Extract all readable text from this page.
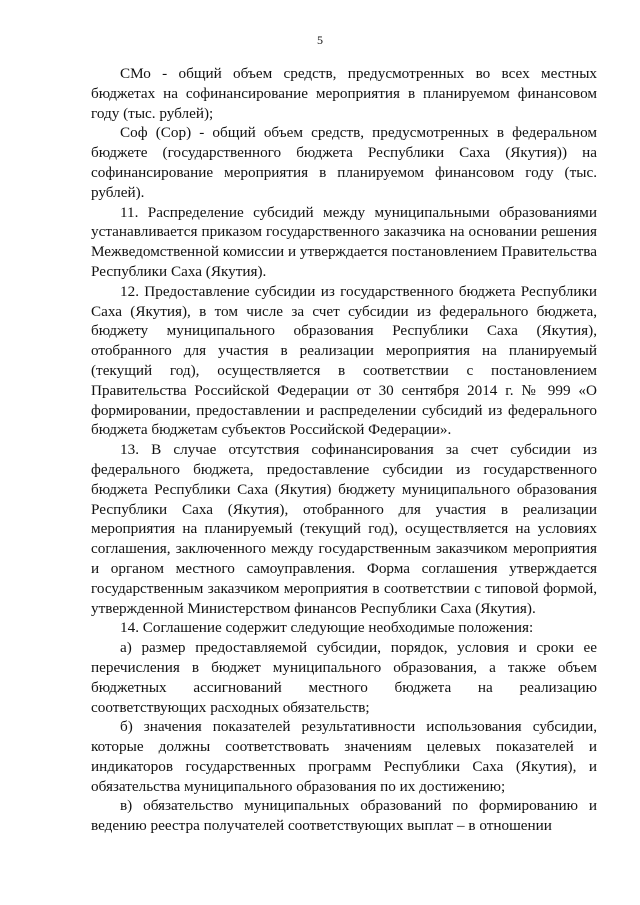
5

СМо - общий объем средств, предусмотренных во всех местных бюджетах на софинансирование мероприятия в планируемом финансовом году (тыс. рублей);

Соф (Сор) - общий объем средств, предусмотренных в федеральном бюджете (государственного бюджета Республики Саха (Якутия)) на софинансирование мероприятия в планируемом финансовом году (тыс. рублей).

11. Распределение субсидий между муниципальными образованиями устанавливается приказом государственного заказчика на основании решения Межведомственной комиссии и утверждается постановлением Правительства Республики Саха (Якутия).

12. Предоставление субсидии из государственного бюджета Республики Саха (Якутия), в том числе за счет субсидии из федерального бюджета, бюджету муниципального образования Республики Саха (Якутия), отобранного для участия в реализации мероприятия на планируемый (текущий год), осуществляется в соответствии с постановлением Правительства Российской Федерации от 30 сентября 2014 г. № 999 «О формировании, предоставлении и распределении субсидий из федерального бюджета бюджетам субъектов Российской Федерации».

13. В случае отсутствия софинансирования за счет субсидии из федерального бюджета, предоставление субсидии из государственного бюджета Республики Саха (Якутия) бюджету муниципального образования Республики Саха (Якутия), отобранного для участия в реализации мероприятия на планируемый (текущий год), осуществляется на условиях соглашения, заключенного между государственным заказчиком мероприятия и органом местного самоуправления. Форма соглашения утверждается государственным заказчиком мероприятия в соответствии с типовой формой, утвержденной Министерством финансов Республики Саха (Якутия).

14. Соглашение содержит следующие необходимые положения:

а) размер предоставляемой субсидии, порядок, условия и сроки ее перечисления в бюджет муниципального образования, а также объем бюджетных ассигнований местного бюджета на реализацию соответствующих расходных обязательств;

б) значения показателей результативности использования субсидии, которые должны соответствовать значениям целевых показателей и индикаторов государственных программ Республики Саха (Якутия), и обязательства муниципального образования по их достижению;

в) обязательство муниципальных образований по формированию и ведению реестра получателей соответствующих выплат – в отношении
